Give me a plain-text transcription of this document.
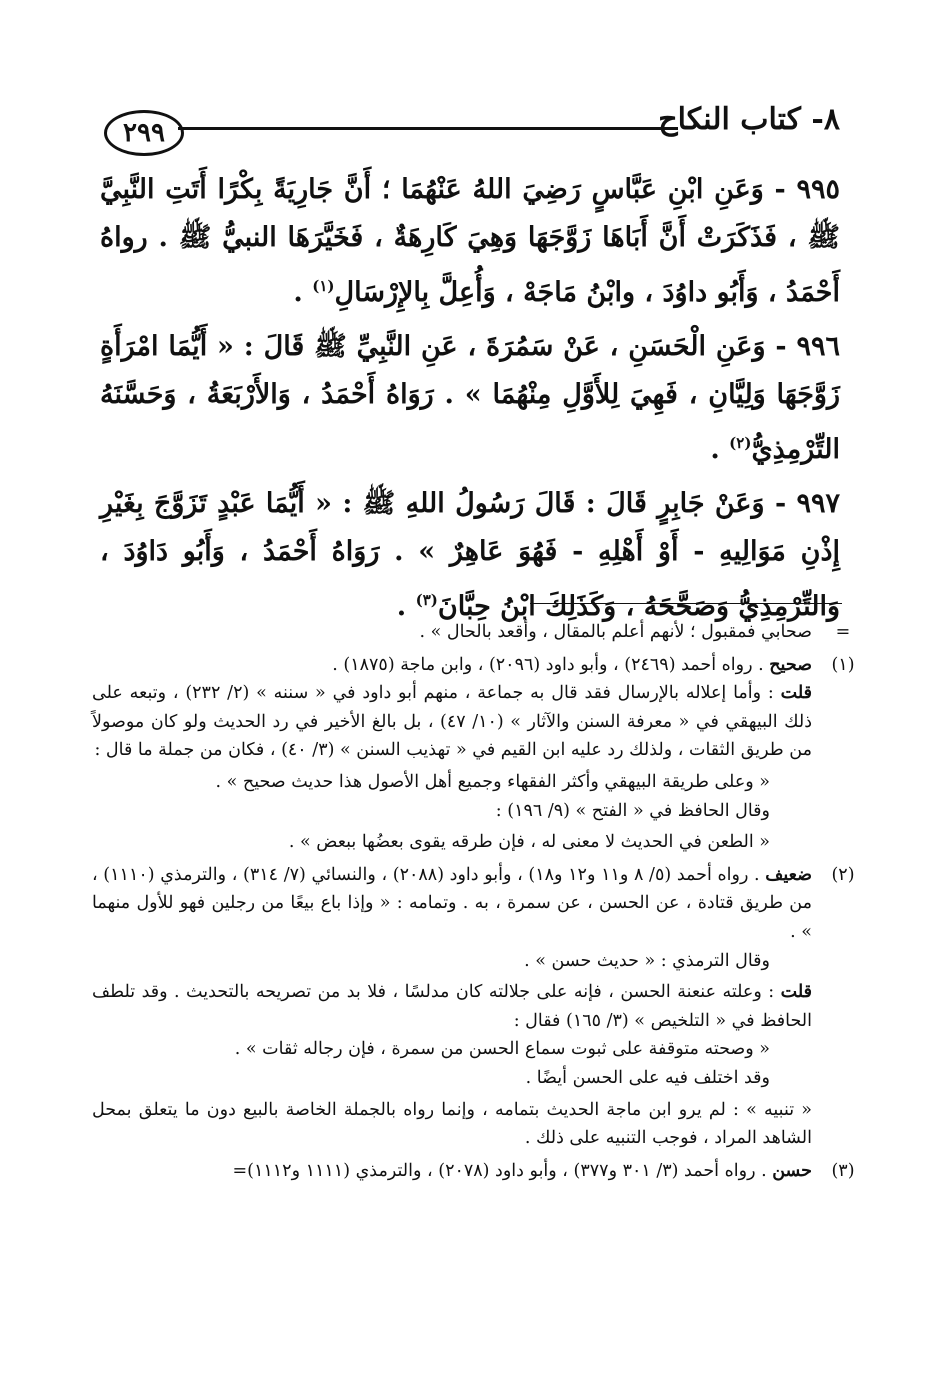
٨- كتاب النكاح
٢٩٩

٩٩٥ - وَعَنِ ابْنِ عَبَّاسٍ رَضِيَ اللهُ عَنْهُمَا ؛ أَنَّ جَارِيَةً بِكْرًا أَتَتِ النَّبِيَّ ﷺ ، فَذَكَرَتْ أَنَّ أَبَاهَا زَوَّجَهَا وَهِيَ كَارِهَةٌ ، فَخَيَّرَهَا النبيُّ ﷺ . رواهُ أَحْمَدُ ، وَأَبُو داوُدَ ، وابْنُ مَاجَهْ ، وَأُعِلَّ بِالإِرْسَالِ$^{(١)}$ .

٩٩٦ - وَعَنِ الْحَسَنِ ، عَنْ سَمُرَةَ ، عَنِ النَّبِيِّ ﷺ قَالَ : « أَيُّمَا امْرَأَةٍ زَوَّجَهَا وَلِيَّانِ ، فَهِيَ لِلأَوَّلِ مِنْهُمَا » . رَوَاهُ أَحْمَدُ ، وَالأَرْبَعَةُ ، وَحَسَّنَهُ التِّرْمِذِيُّ$^{(٢)}$ .

٩٩٧ - وَعَنْ جَابِرٍ قَالَ : قَالَ رَسُولُ اللهِ ﷺ : « أَيُّمَا عَبْدٍ تَزَوَّجَ بِغَيْرِ إِذْنِ مَوَالِيهِ - أَوْ أَهْلِهِ - فَهُوَ عَاهِرٌ » . رَوَاهُ أَحْمَدُ ، وَأَبُو دَاوُدَ ، وَالتِّرْمِذِيُّ وَصَحَّحَهُ ، وَكَذَلِكَ ابْنُ حِبَّانَ$^{(٣)}$ .

=

صحابي فمقبول ؛ لأنهم أعلم بالمقال ، وأقعد بالحال » .

(١)

صحيح . رواه أحمد (٢٤٦٩) ، وأبو داود (٢٠٩٦) ، وابن ماجة (١٨٧٥) .

قلت : وأما إعلاله بالإرسال فقد قال به جماعة ، منهم أبو داود في « سننه » (٢/ ٢٣٢) ، وتبعه على ذلك البيهقي في « معرفة السنن والآثار » (١٠/ ٤٧) ، بل بالغ الأخير في رد الحديث ولو كان موصولاً من طريق الثقات ، ولذلك رد عليه ابن القيم في « تهذيب السنن » (٣/ ٤٠) ، فكان من جملة ما قال :

« وعلى طريقة البيهقي وأكثر الفقهاء وجميع أهل الأصول هذا حديث صحيح » .

وقال الحافظ في « الفتح » (٩/ ١٩٦) :

« الطعن في الحديث لا معنى له ، فإن طرقه يقوى بعضُها ببعض » .

(٢)

ضعيف . رواه أحمد (٥/ ٨ و١١ و١٢ و١٨) ، وأبو داود (٢٠٨٨) ، والنسائي (٧/ ٣١٤) ، والترمذي (١١١٠) ، من طريق قتادة ، عن الحسن ، عن سمرة ، به . وتمامه : « وإذا باع بيعًا من رجلين فهو للأول منهما » .

وقال الترمذي : « حديث حسن » .

قلت : وعلته عنعنة الحسن ، فإنه على جلالته كان مدلسًا ، فلا بد من تصريحه بالتحديث . وقد تلطف الحافظ في « التلخيص » (٣/ ١٦٥) فقال :

« وصحته متوقفة على ثبوت سماع الحسن من سمرة ، فإن رجاله ثقات » .

وقد اختلف فيه على الحسن أيضًا .

« تنبيه » : لم يرو ابن ماجة الحديث بتمامه ، وإنما رواه بالجملة الخاصة بالبيع دون ما يتعلق بمحل الشاهد المراد ، فوجب التنبيه على ذلك .

(٣)

حسن . رواه أحمد (٣/ ٣٠١ و٣٧٧) ، وأبو داود (٢٠٧٨) ، والترمذي (١١١١ و١١١٢)=
